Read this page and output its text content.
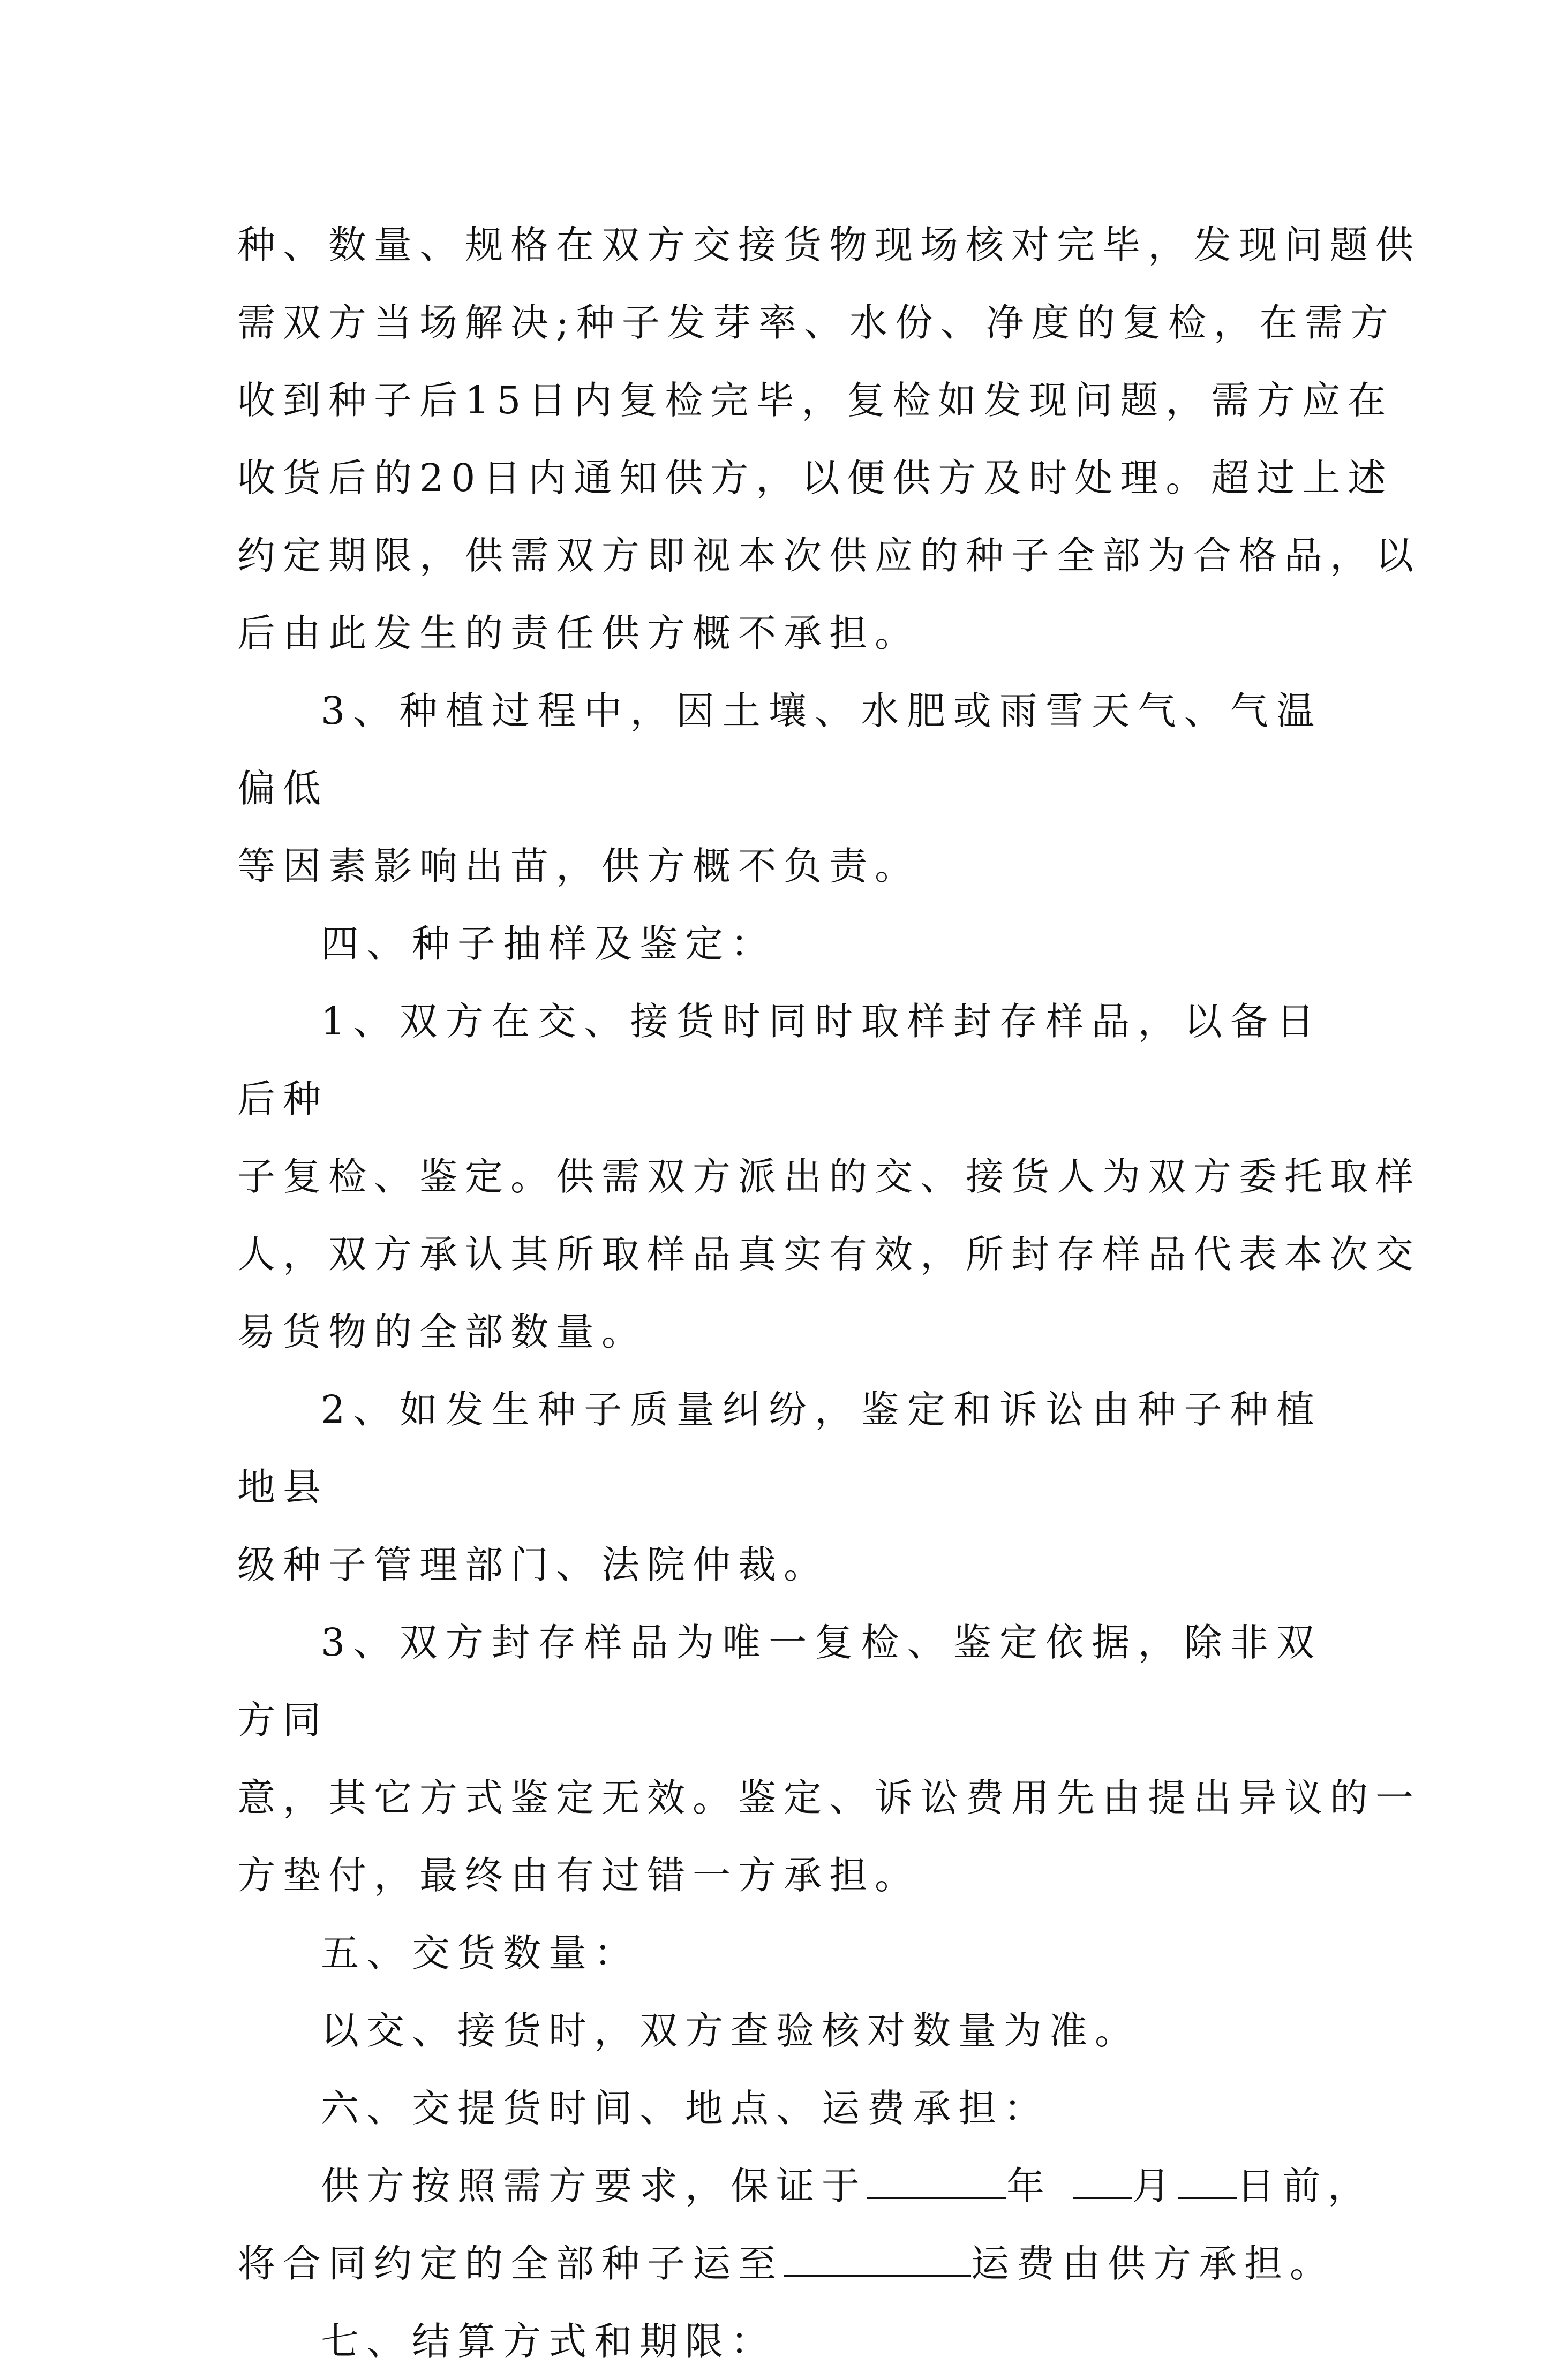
种、数量、规格在双方交接货物现场核对完毕，发现问题供
需双方当场解决;种子发芽率、水份、净度的复检，在需方
收到种子后15日内复检完毕，复检如发现问题，需方应在
收货后的20日内通知供方，以便供方及时处理。超过上述
约定期限，供需双方即视本次供应的种子全部为合格品，以
后由此发生的责任供方概不承担。

3、种植过程中，因土壤、水肥或雨雪天气、气温偏低

等因素影响出苗，供方概不负责。

四、种子抽样及鉴定：

1、双方在交、接货时同时取样封存样品，以备日后种

子复检、鉴定。供需双方派出的交、接货人为双方委托取样
人，双方承认其所取样品真实有效，所封存样品代表本次交
易货物的全部数量。

2、如发生种子质量纠纷，鉴定和诉讼由种子种植地县

级种子管理部门、法院仲裁。

3、双方封存样品为唯一复检、鉴定依据，除非双方同

意，其它方式鉴定无效。鉴定、诉讼费用先由提出异议的一
方垫付，最终由有过错一方承担。

五、交货数量：

以交、接货时，双方查验核对数量为准。

六、交提货时间、地点、运费承担：

供方按照需方要求，保证于	年 月 日前，
将合同约定的全部种子运至	运费由供方承担。

七、结算方式和期限：
